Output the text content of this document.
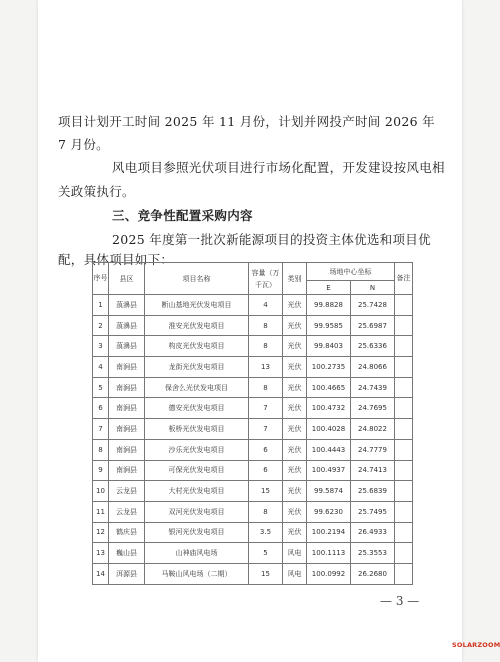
项目计划开工时间 2025 年 11 月份，计划并网投产时间 2026 年
7 月份。
风电项目参照光伏项目进行市场化配置，开发建设按风电相
关政策执行。
三、竞争性配置采购内容
2025 年度第一批次新能源项目的投资主体优选和项目优
配，具体项目如下：
序号	县区	项目名称	容量（万千瓦）	类别	场地中心坐标		备注
					E	N	
1	蒗濞县	断山基地光伏发电项目	4	光伏	99.8828	25.7428	
2	蒗濞县	淮安光伏发电项目	8	光伏	99.9585	25.6987	
3	蒗濞县	构皮光伏发电项目	8	光伏	99.8403	25.6336	
4	南涧县	龙街光伏发电项目	13	光伏	100.2735	24.8066	
5	南涧县	保舍么光伏发电项目	8	光伏	100.4665	24.7439	
6	南涧县	德安光伏发电项目	7	光伏	100.4732	24.7695	
7	南涧县	板桥光伏发电项目	7	光伏	100.4028	24.8022	
8	南涧县	沙乐光伏发电项目	6	光伏	100.4443	24.7779	
9	南涧县	可保光伏发电项目	6	光伏	100.4937	24.7413	
10	云龙县	大村光伏发电项目	15	光伏	99.5874	25.6839	
11	云龙县	双河光伏发电项目	8	光伏	99.6230	25.7495	
12	鹤庆县	银河光伏发电项目	3.5	光伏	100.2194	26.4933	
13	巍山县	山神庙风电场	5	风电	100.1113	25.3553	
14	洱源县	马鞍山风电场（二期）	15	风电	100.0992	26.2680	
— 3 —
SOLARZOOM
